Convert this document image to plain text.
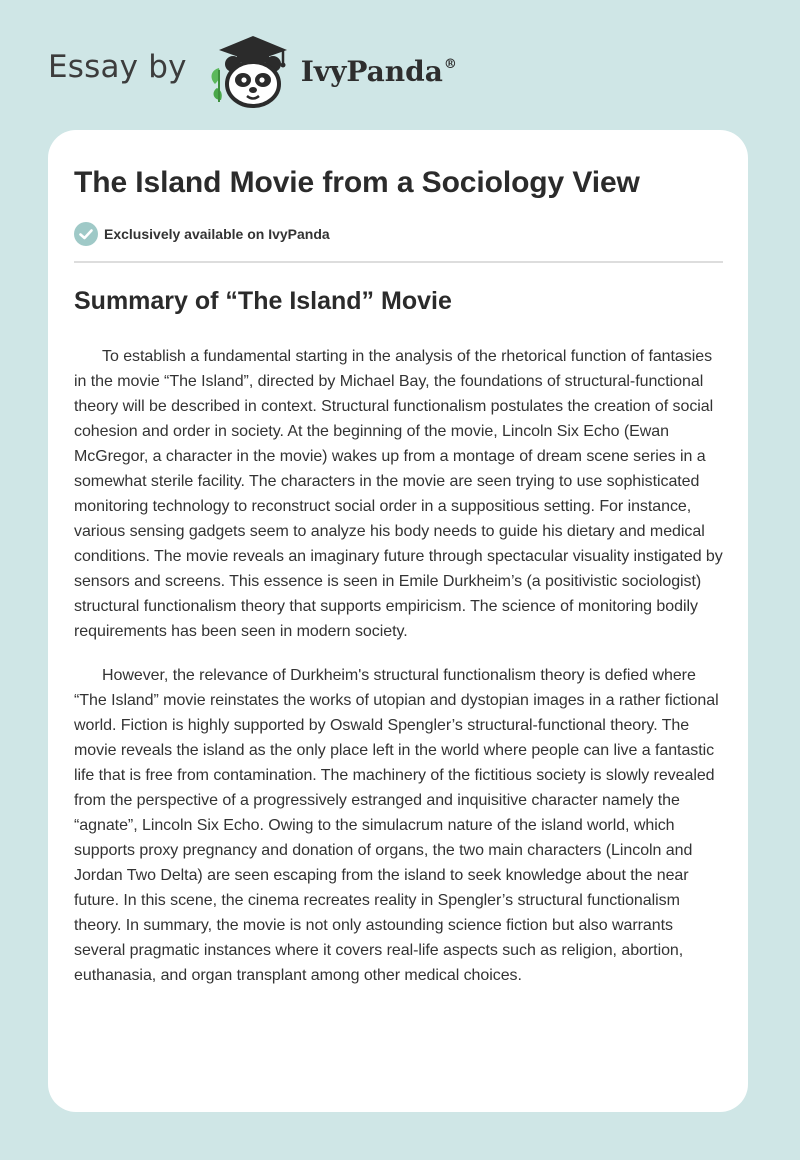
Essay by	IvyPanda®
The Island Movie from a Sociology View
Exclusively available on IvyPanda
Summary of “The Island” Movie

To establish a fundamental starting in the analysis of the rhetorical function of fantasies in the movie “The Island”, directed by Michael Bay, the foundations of structural-functional theory will be described in context. Structural functionalism postulates the creation of social cohesion and order in society. At the beginning of the movie, Lincoln Six Echo (Ewan McGregor, a character in the movie) wakes up from a montage of dream scene series in a somewhat sterile facility. The characters in the movie are seen trying to use sophisticated monitoring technology to reconstruct social order in a suppositious setting. For instance, various sensing gadgets seem to analyze his body needs to guide his dietary and medical conditions. The movie reveals an imaginary future through spectacular visuality instigated by sensors and screens. This essence is seen in Emile Durkheim’s (a positivistic sociologist) structural functionalism theory that supports empiricism. The science of monitoring bodily requirements has been seen in modern society.

However, the relevance of Durkheim's structural functionalism theory is defied where “The Island” movie reinstates the works of utopian and dystopian images in a rather fictional world. Fiction is highly supported by Oswald Spengler’s structural-functional theory. The movie reveals the island as the only place left in the world where people can live a fantastic life that is free from contamination. The machinery of the fictitious society is slowly revealed from the perspective of a progressively estranged and inquisitive character namely the “agnate”, Lincoln Six Echo. Owing to the simulacrum nature of the island world, which supports proxy pregnancy and donation of organs, the two main characters (Lincoln and Jordan Two Delta) are seen escaping from the island to seek knowledge about the near future. In this scene, the cinema recreates reality in Spengler’s structural functionalism theory. In summary, the movie is not only astounding science fiction but also warrants several pragmatic instances where it covers real-life aspects such as religion, abortion, euthanasia, and organ transplant among other medical choices.
